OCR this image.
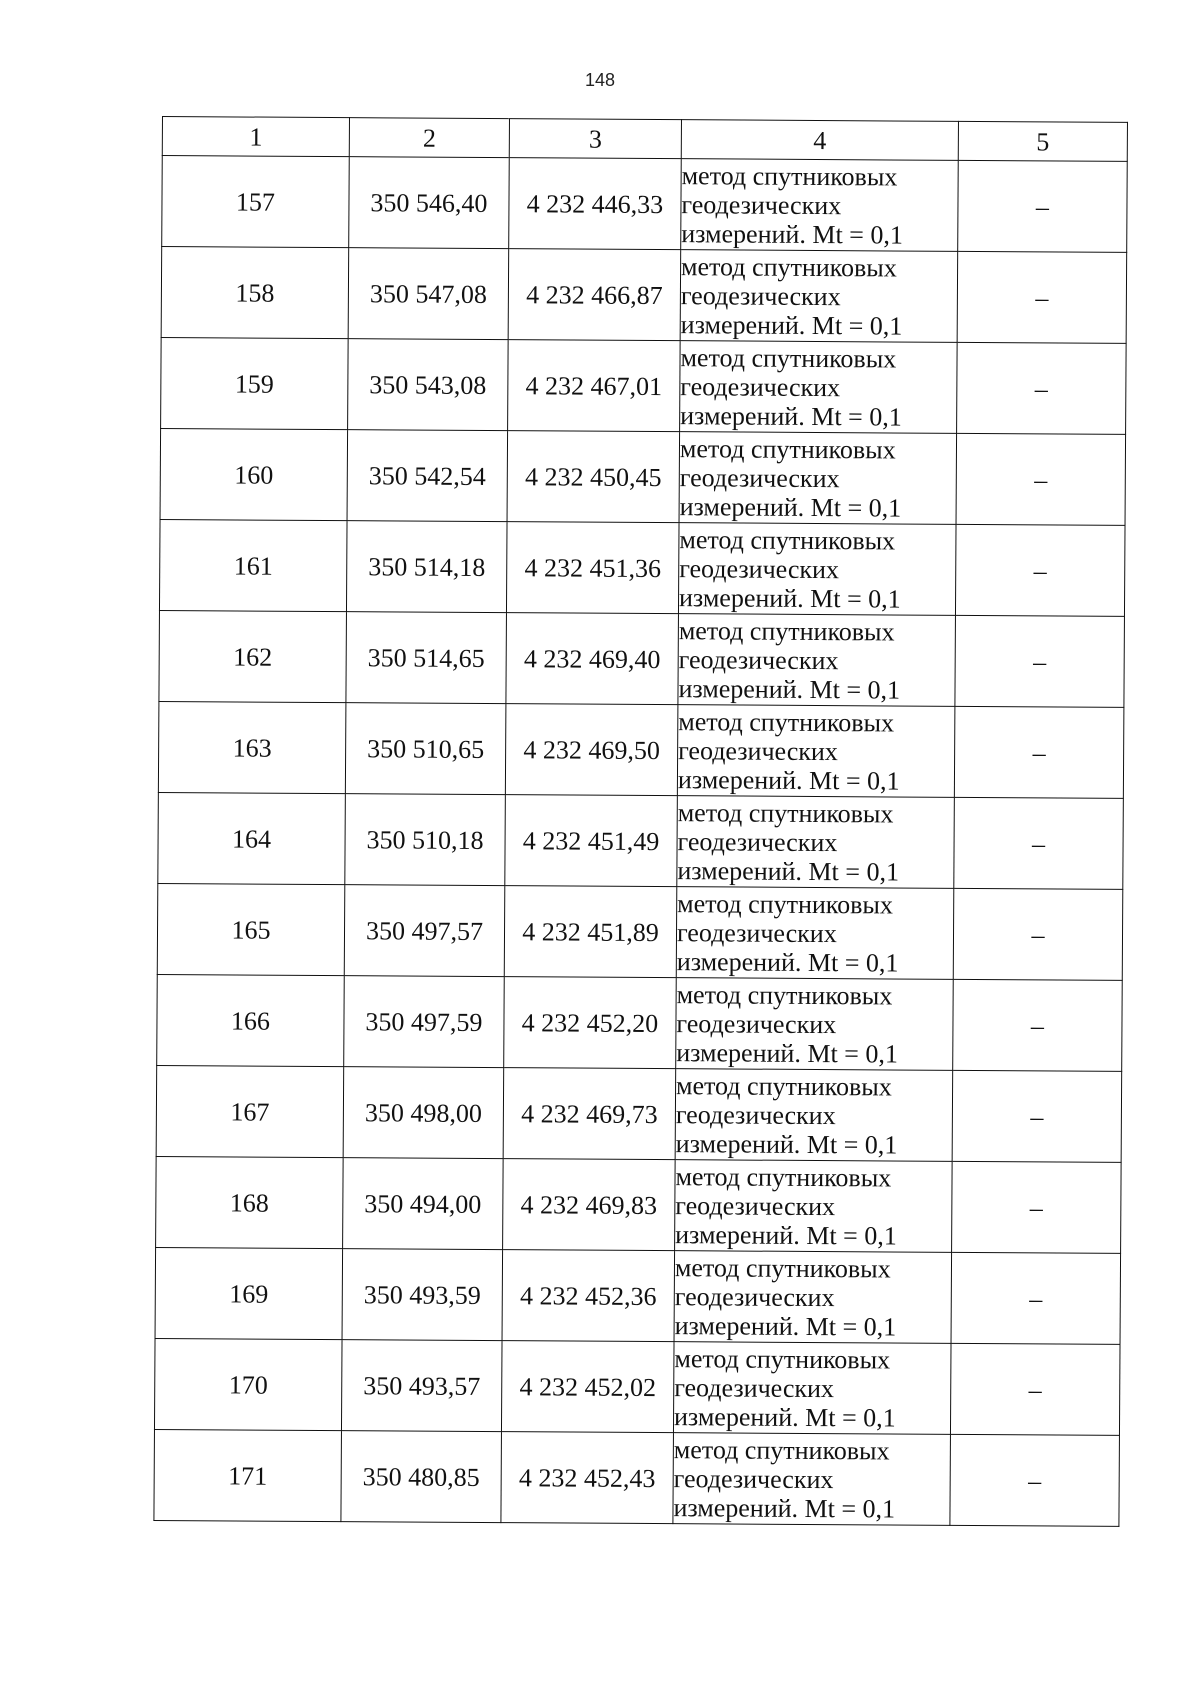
148
1	2	3	4	5
157	350 546,40	4 232 446,33	метод спутниковых
геодезических
измерений. Mt = 0,1	–
158	350 547,08	4 232 466,87	метод спутниковых
геодезических
измерений. Mt = 0,1	–
159	350 543,08	4 232 467,01	метод спутниковых
геодезических
измерений. Mt = 0,1	–
160	350 542,54	4 232 450,45	метод спутниковых
геодезических
измерений. Mt = 0,1	–
161	350 514,18	4 232 451,36	метод спутниковых
геодезических
измерений. Mt = 0,1	–
162	350 514,65	4 232 469,40	метод спутниковых
геодезических
измерений. Mt = 0,1	–
163	350 510,65	4 232 469,50	метод спутниковых
геодезических
измерений. Mt = 0,1	–
164	350 510,18	4 232 451,49	метод спутниковых
геодезических
измерений. Mt = 0,1	–
165	350 497,57	4 232 451,89	метод спутниковых
геодезических
измерений. Mt = 0,1	–
166	350 497,59	4 232 452,20	метод спутниковых
геодезических
измерений. Mt = 0,1	–
167	350 498,00	4 232 469,73	метод спутниковых
геодезических
измерений. Mt = 0,1	–
168	350 494,00	4 232 469,83	метод спутниковых
геодезических
измерений. Mt = 0,1	–
169	350 493,59	4 232 452,36	метод спутниковых
геодезических
измерений. Mt = 0,1	–
170	350 493,57	4 232 452,02	метод спутниковых
геодезических
измерений. Mt = 0,1	–
171	350 480,85	4 232 452,43	метод спутниковых
геодезических
измерений. Mt = 0,1	–
